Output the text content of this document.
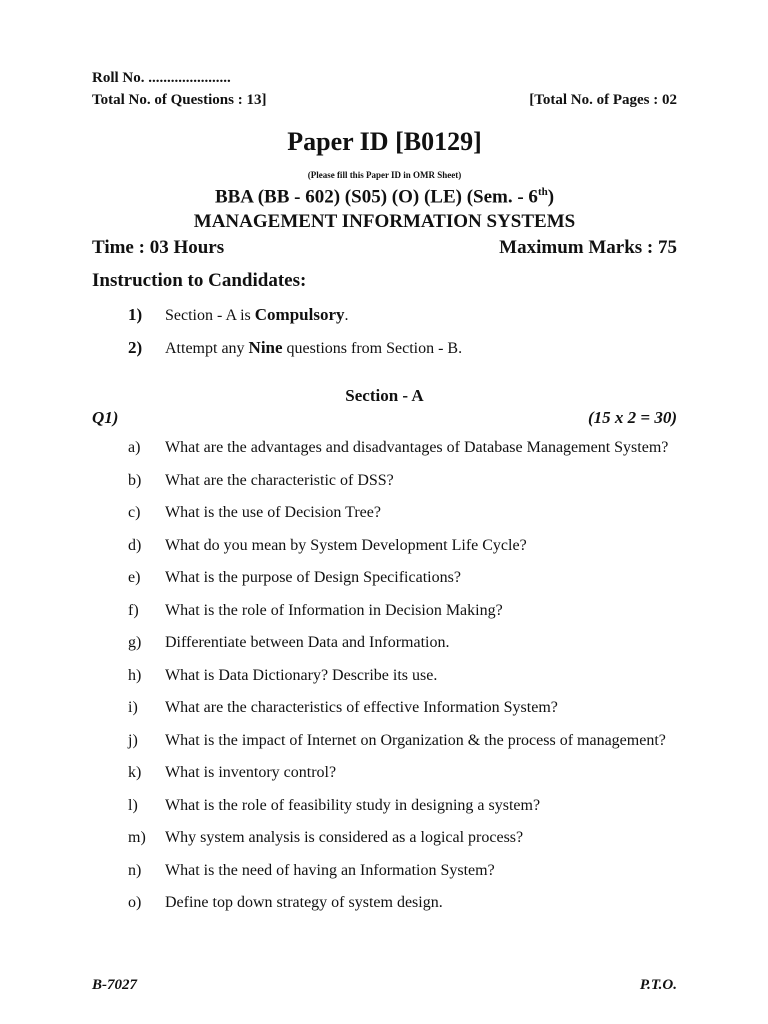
Roll No. ......................
Total No. of Questions : 13]	[Total No. of Pages : 02
Paper ID [B0129]
(Please fill this Paper ID in OMR Sheet)
BBA (BB - 602) (S05) (O) (LE) (Sem. - 6th)
MANAGEMENT INFORMATION SYSTEMS
Time : 03 Hours	Maximum Marks : 75
Instruction to Candidates:
1)	Section - A is Compulsory.
2)	Attempt any Nine questions from Section - B.
Section - A
Q1)	(15 x 2 = 30)
a)	What are the advantages and disadvantages of Database Management System?
b)	What are the characteristic of DSS?
c)	What is the use of Decision Tree?
d)	What do you mean by System Development Life Cycle?
e)	What is the purpose of Design Specifications?
f)	What is the role of Information in Decision Making?
g)	Differentiate between Data and Information.
h)	What is Data Dictionary? Describe its use.
i)	What are the characteristics of effective Information System?
j)	What is the impact of Internet on Organization & the process of management?
k)	What is inventory control?
l)	What is the role of feasibility study in designing a system?
m)	Why system analysis is considered as a logical process?
n)	What is the need of having an Information System?
o)	Define top down strategy of system design.
B-7027	P.T.O.
